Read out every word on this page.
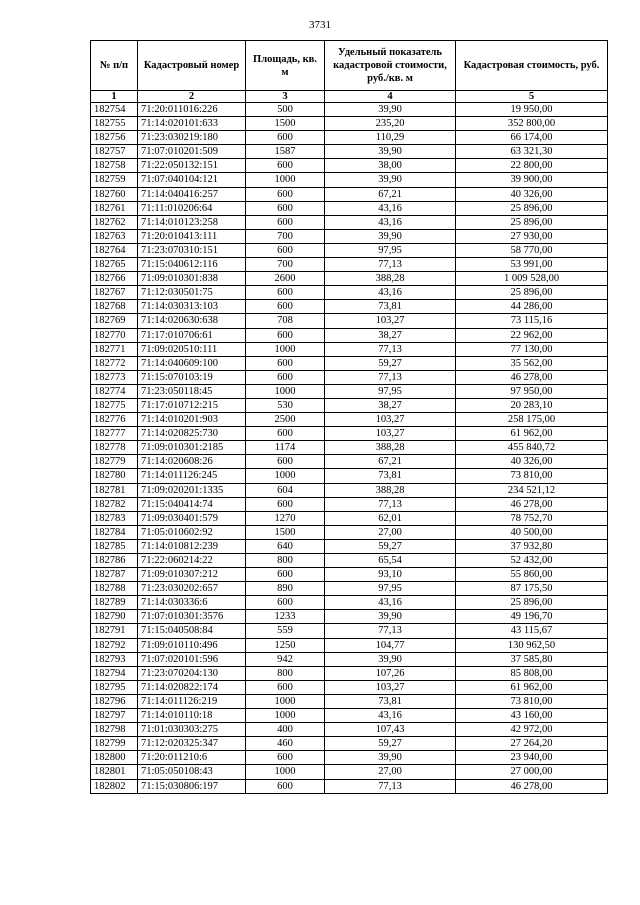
3731
№ п/п	Кадастровый номер	Площадь, кв. м	Удельный показатель кадастровой стоимости, руб./кв. м	Кадастровая стоимость, руб.
1	2	3	4	5
182754	71:20:011016:226	500	39,90	19 950,00
182755	71:14:020101:633	1500	235,20	352 800,00
182756	71:23:030219:180	600	110,29	66 174,00
182757	71:07:010201:509	1587	39,90	63 321,30
182758	71:22:050132:151	600	38,00	22 800,00
182759	71:07:040104:121	1000	39,90	39 900,00
182760	71:14:040416:257	600	67,21	40 326,00
182761	71:11:010206:64	600	43,16	25 896,00
182762	71:14:010123:258	600	43,16	25 896,00
182763	71:20:010413:111	700	39,90	27 930,00
182764	71:23:070310:151	600	97,95	58 770,00
182765	71:15:040612:116	700	77,13	53 991,00
182766	71:09:010301:838	2600	388,28	1 009 528,00
182767	71:12:030501:75	600	43,16	25 896,00
182768	71:14:030313:103	600	73,81	44 286,00
182769	71:14:020630:638	708	103,27	73 115,16
182770	71:17:010706:61	600	38,27	22 962,00
182771	71:09:020510:111	1000	77,13	77 130,00
182772	71:14:040609:100	600	59,27	35 562,00
182773	71:15:070103:19	600	77,13	46 278,00
182774	71:23:050118:45	1000	97,95	97 950,00
182775	71:17:010712:215	530	38,27	20 283,10
182776	71:14:010201:903	2500	103,27	258 175,00
182777	71:14:020825:730	600	103,27	61 962,00
182778	71:09:010301:2185	1174	388,28	455 840,72
182779	71:14:020608:26	600	67,21	40 326,00
182780	71:14:011126:245	1000	73,81	73 810,00
182781	71:09:020201:1335	604	388,28	234 521,12
182782	71:15:040414:74	600	77,13	46 278,00
182783	71:09:030401:579	1270	62,01	78 752,70
182784	71:05:010602:92	1500	27,00	40 500,00
182785	71:14:010812:239	640	59,27	37 932,80
182786	71:22:060214:22	800	65,54	52 432,00
182787	71:09:010307:212	600	93,10	55 860,00
182788	71:23:030202:657	890	97,95	87 175,50
182789	71:14:030336:6	600	43,16	25 896,00
182790	71:07:010301:3576	1233	39,90	49 196,70
182791	71:15:040508:84	559	77,13	43 115,67
182792	71:09:010110:496	1250	104,77	130 962,50
182793	71:07:020101:596	942	39,90	37 585,80
182794	71:23:070204:130	800	107,26	85 808,00
182795	71:14:020822:174	600	103,27	61 962,00
182796	71:14:011126:219	1000	73,81	73 810,00
182797	71:14:010110:18	1000	43,16	43 160,00
182798	71:01:030303:275	400	107,43	42 972,00
182799	71:12:020325:347	460	59,27	27 264,20
182800	71:20:011210:6	600	39,90	23 940,00
182801	71:05:050108:43	1000	27,00	27 000,00
182802	71:15:030806:197	600	77,13	46 278,00
